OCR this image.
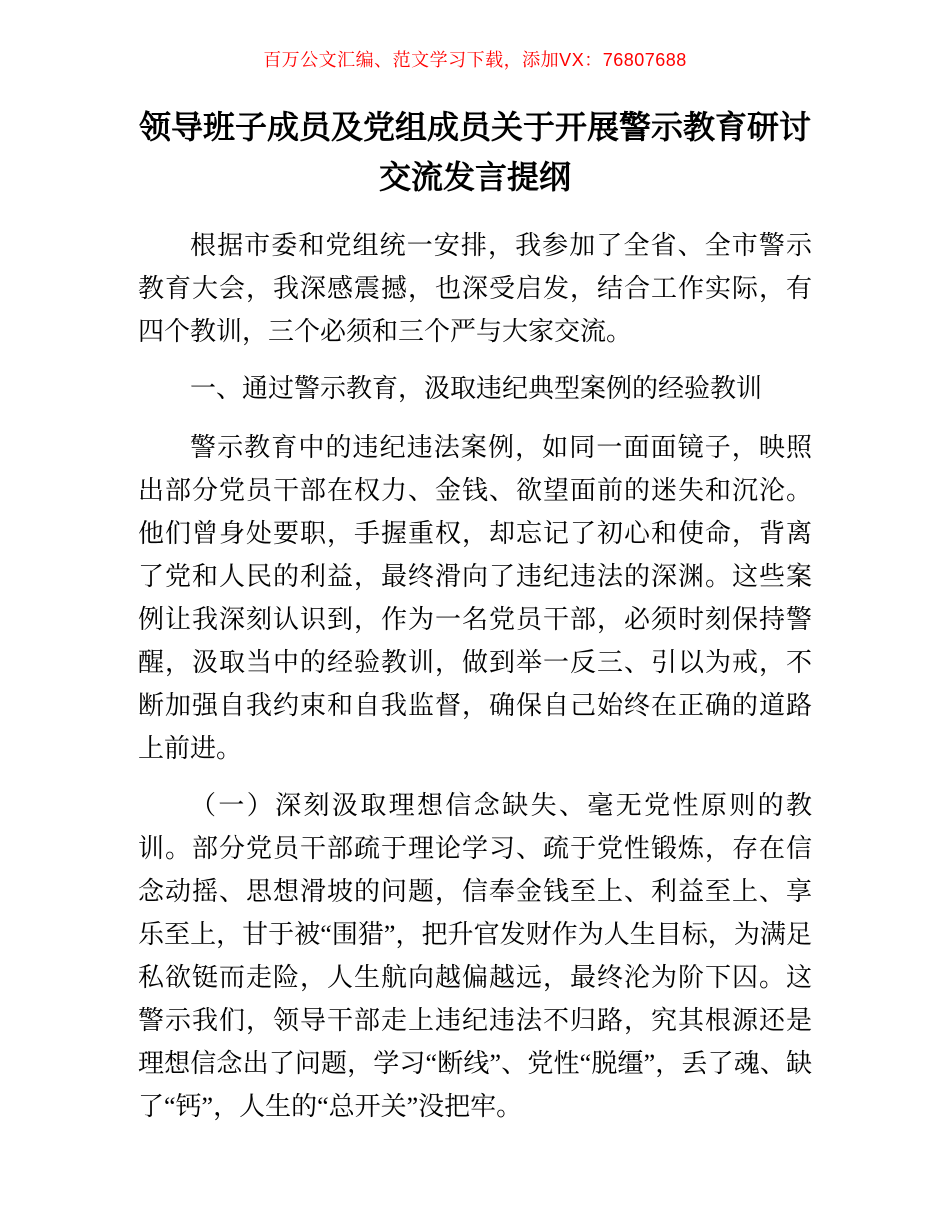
百万公文汇编、范文学习下载，添加VX：76807688
领导班子成员及党组成员关于开展警示教育研讨交流发言提纲

根据市委和党组统一安排，我参加了全省、全市警示教育大会，我深感震撼，也深受启发，结合工作实际，有四个教训，三个必须和三个严与大家交流。

一、通过警示教育，汲取违纪典型案例的经验教训

警示教育中的违纪违法案例，如同一面面镜子，映照出部分党员干部在权力、金钱、欲望面前的迷失和沉沦。他们曾身处要职，手握重权，却忘记了初心和使命，背离了党和人民的利益，最终滑向了违纪违法的深渊。这些案例让我深刻认识到，作为一名党员干部，必须时刻保持警醒，汲取当中的经验教训，做到举一反三、引以为戒，不断加强自我约束和自我监督，确保自己始终在正确的道路上前进。

（一）深刻汲取理想信念缺失、毫无党性原则的教训。部分党员干部疏于理论学习、疏于党性锻炼，存在信念动摇、思想滑坡的问题，信奉金钱至上、利益至上、享乐至上，甘于被“围猎”，把升官发财作为人生目标，为满足私欲铤而走险，人生航向越偏越远，最终沦为阶下囚。这警示我们，领导干部走上违纪违法不归路，究其根源还是理想信念出了问题，学习“断线”、党性“脱缰”，丢了魂、缺了“钙”，人生的“总开关”没把牢。
